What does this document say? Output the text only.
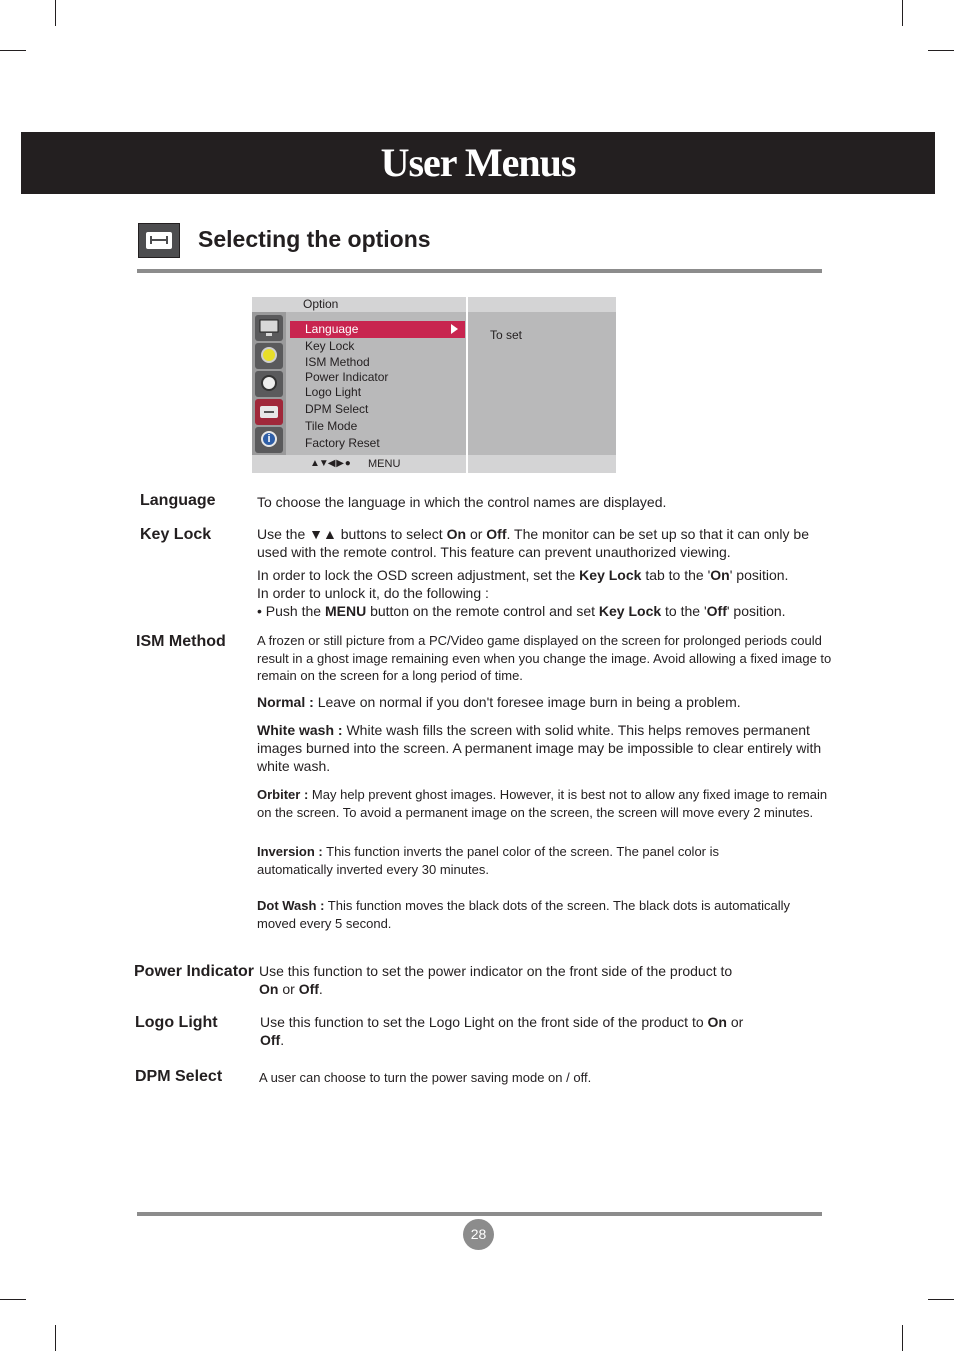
User Menus
Selecting the options
Option
i
Language
Key Lock
ISM Method
Power Indicator
Logo Light
DPM Select
Tile Mode
Factory Reset
To set
▲▼◀ ▶ ● MENU
Language	To choose the language in which the control names are displayed.
Key Lock	Use the ▼▲ buttons to select On or Off. The monitor can be set up so that it can only be used with the remote control. This feature can prevent unauthorized viewing.
In order to lock the OSD screen adjustment, set the Key Lock tab to the 'On' position.
In order to unlock it, do the following :
• Push the MENU button on the remote control and set Key Lock to the 'Off' position.
ISM Method A frozen or still picture from a PC/Video game displayed on the screen for prolonged periods could result in a ghost image remaining even when you change the image. Avoid allowing a fixed image to remain on the screen for a long period of time.
Normal : Leave on normal if you don't foresee image burn in being a problem.
White wash : White wash fills the screen with solid white. This helps removes permanent images burned into the screen. A permanent image may be impossible to clear entirely with white wash.
Orbiter : May help prevent ghost images. However, it is best not to allow any fixed image to remain on the screen. To avoid a permanent image on the screen, the screen will move every 2 minutes.
Inversion : This function inverts the panel color of the screen. The panel color is automatically inverted every 30 minutes.
Dot Wash : This function moves the black dots of the screen. The black dots is automatically moved every 5 second.
Power Indicator Use this function to set the power indicator on the front side of the product to
On or Off.
Logo Light	Use this function to set the Logo Light on the front side of the product to On or
Off.
DPM Select	A user can choose to turn the power saving mode on / off.
28
